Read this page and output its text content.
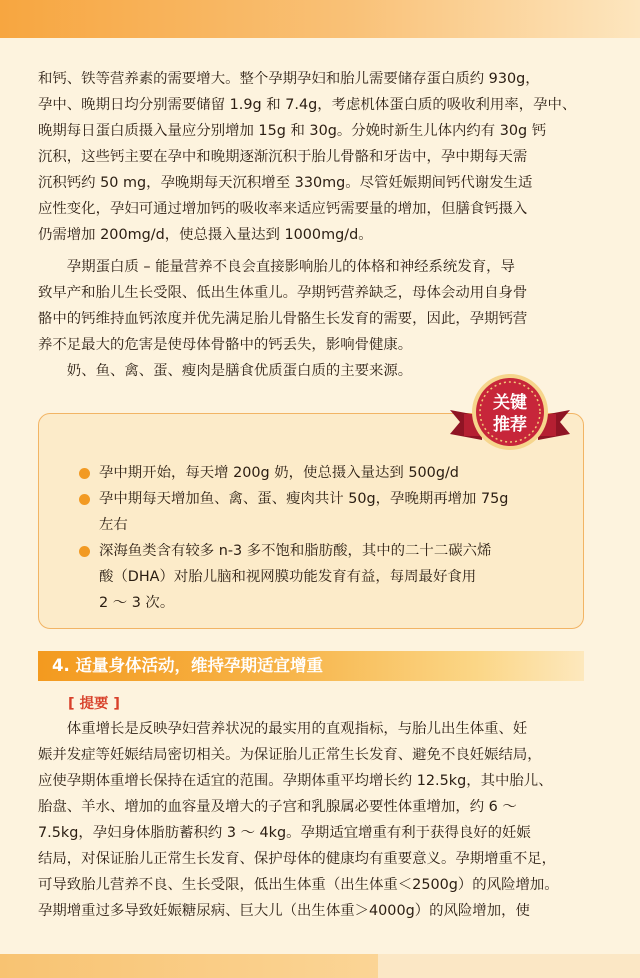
和钙、铁等营养素的需要增大。整个孕期孕妇和胎儿需要储存蛋白质约 930g，
孕中、晚期日均分别需要储留 1.9g 和 7.4g，考虑机体蛋白质的吸收利用率，孕中、
晚期每日蛋白质摄入量应分别增加 15g 和 30g。分娩时新生儿体内约有 30g 钙
沉积，这些钙主要在孕中和晚期逐渐沉积于胎儿骨骼和牙齿中，孕中期每天需
沉积钙约 50 mg，孕晚期每天沉积增至 330mg。尽管妊娠期间钙代谢发生适
应性变化，孕妇可通过增加钙的吸收率来适应钙需要量的增加，但膳食钙摄入
仍需增加 200mg/d，使总摄入量达到 1000mg/d。
孕期蛋白质 – 能量营养不良会直接影响胎儿的体格和神经系统发育，导
致早产和胎儿生长受限、低出生体重儿。孕期钙营养缺乏，母体会动用自身骨
骼中的钙维持血钙浓度并优先满足胎儿骨骼生长发育的需要，因此，孕期钙营
养不足最大的危害是使母体骨骼中的钙丢失，影响骨健康。
奶、鱼、禽、蛋、瘦肉是膳食优质蛋白质的主要来源。
孕中期开始，每天增 200g 奶，使总摄入量达到 500g/d
孕中期每天增加鱼、禽、蛋、瘦肉共计 50g，孕晚期再增加 75g
左右
深海鱼类含有较多 n-3 多不饱和脂肪酸，其中的二十二碳六烯
酸（DHA）对胎儿脑和视网膜功能发育有益，每周最好食用
2 ～ 3 次。
关键
推荐
4. 适量身体活动，维持孕期适宜增重
[ 提要 ]
体重增长是反映孕妇营养状况的最实用的直观指标，与胎儿出生体重、妊
娠并发症等妊娠结局密切相关。为保证胎儿正常生长发育、避免不良妊娠结局，
应使孕期体重增长保持在适宜的范围。孕期体重平均增长约 12.5kg，其中胎儿、
胎盘、羊水、增加的血容量及增大的子宫和乳腺属必要性体重增加，约 6 ～
7.5kg，孕妇身体脂肪蓄积约 3 ～ 4kg。孕期适宜增重有利于获得良好的妊娠
结局，对保证胎儿正常生长发育、保护母体的健康均有重要意义。孕期增重不足，
可导致胎儿营养不良、生长受限，低出生体重（出生体重＜2500g）的风险增加。
孕期增重过多导致妊娠糖尿病、巨大儿（出生体重＞4000g）的风险增加，使
